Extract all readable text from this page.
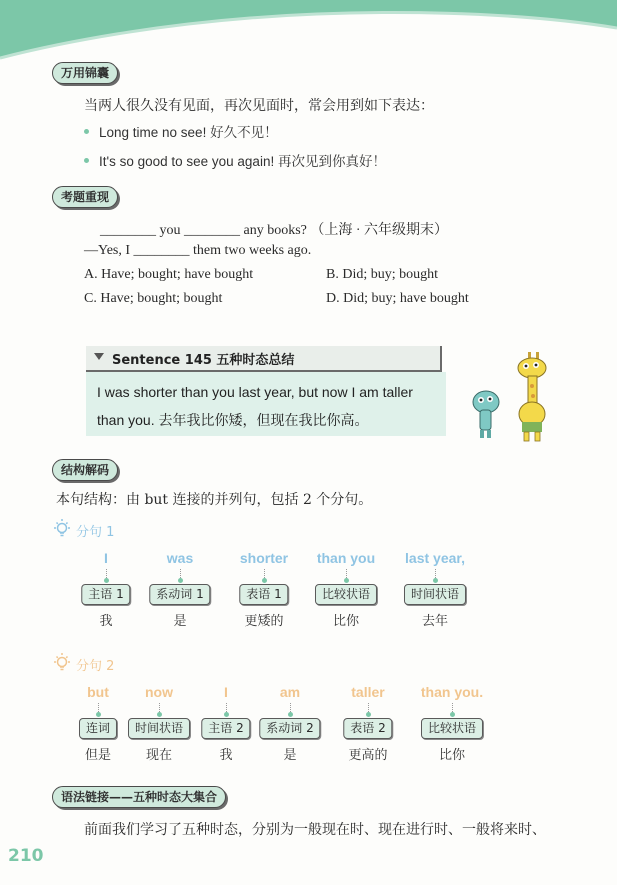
万用锦囊
当两人很久没有见面，再次见面时，常会用到如下表达：
Long time no see! 好久不见！
It's so good to see you again! 再次见到你真好！
考题重现
________ you ________ any books? （上海 · 六年级期末）
—Yes, I ________ them two weeks ago.
A. Have; bought; have bought	B. Did; buy; bought
C. Have; bought; bought	D. Did; buy; have bought
Sentence 145 五种时态总结
I was shorter than you last year, but now I am taller
than you. 去年我比你矮，但现在我比你高。
结构解码
本句结构：由 but 连接的并列句，包括 2 个分句。
分句 1
I
主语 1
我
was
系动词 1
是
shorter
表语 1
更矮的
than you
比较状语
比你
last year,
时间状语
去年
分句 2
but
连词
但是
now
时间状语
现在
I
主语 2
我
am
系动词 2
是
taller
表语 2
更高的
than you.
比较状语
比你
语法链接——五种时态大集合
前面我们学习了五种时态，分别为一般现在时、现在进行时、一般将来时、
210
